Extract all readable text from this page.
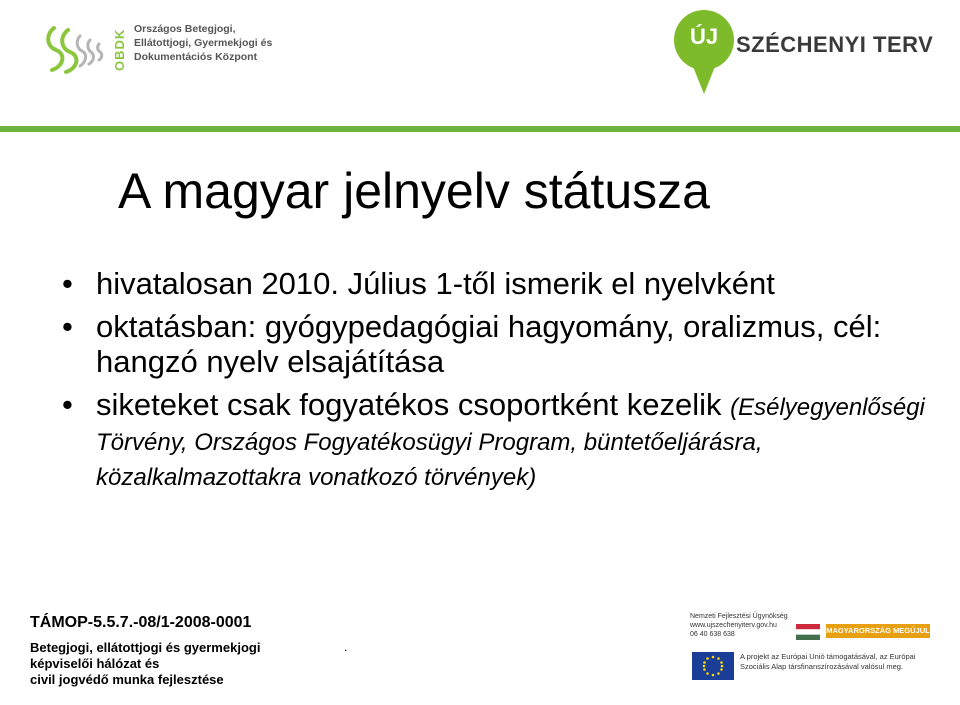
OBDK Országos Betegjogi,
Ellátottjogi, Gyermekjogi és
Dokumentációs Központ
ÚJ SZÉCHENYI TERV
A magyar jelnyelv státusza
• hivatalosan 2010. Július 1-től ismerik el nyelvként
• oktatásban: gyógypedagógiai hagyomány, oralizmus, cél: hangzó nyelv elsajátítása
• siketeket csak fogyatékos csoportként kezelik (Esélyegyenlőségi Törvény, Országos Fogyatékosügyi Program, büntetőeljárásra, közalkalmazottakra vonatkozó törvények)
TÁMOP-5.5.7.-08/1-2008-0001
Betegjogi, ellátottjogi és gyermekjogi
képviselői hálózat és
civil jogvédő munka fejlesztése
.
Nemzeti Fejlesztési Ügynökség
www.ujszechenyiterv.gov.hu
06 40 638 638	MAGYARORSZÁG MEGÚJUL
A projekt az Európai Unió támogatásával, az Európai Szociális Alap társfinanszírozásával valósul meg.
